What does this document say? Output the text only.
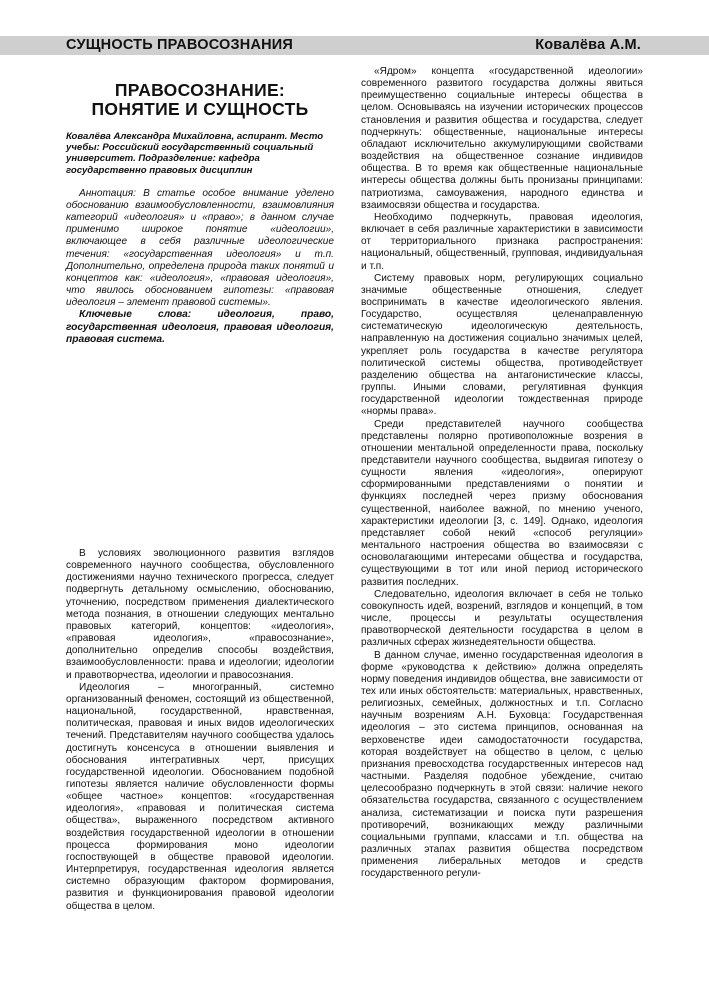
СУЩНОСТЬ ПРАВОСОЗНАНИЯ	Ковалёва А.М.
ПРАВОСОЗНАНИЕ:
ПОНЯТИЕ И СУЩНОСТЬ
Ковалёва Александра Михайловна, аспирант. Место учебы: Российский государственный социальный университет. Подразделение: кафедра государственно правовых дисциплин

Аннотация: В статье особое внимание уделено обоснованию взаимообусловленности, взаимовлияния категорий «идеология» и «право»; в данном случае применимо широкое понятие «идеологии», включающее в себя различные идеологические течения: «государственная идеология» и т.п. Дополнительно, определена природа таких понятий и концептов как: «идеология», «правовая идеология», что явилось обоснованием гипотезы: «правовая идеология – элемент правовой системы».

Ключевые слова: идеология, право, государственная идеология, правовая идеология, правовая система.

В условиях эволюционного развития взглядов современного научного сообщества, обусловленного достижениями научно технического прогресса, следует подвергнуть детальному осмыслению, обоснованию, уточнению, посредством применения диалектического метода познания, в отношении следующих ментально правовых категорий, концептов: «идеология», «правовая идеология», «правосознание», дополнительно определив способы воздействия, взаимообусловленности: права и идеологии; идеологии и правотворчества, идеологии и правосознания.

Идеология – многогранный, системно организованный феномен, состоящий из общественной, национальной, государственной, нравственная, политическая, правовая и иных видов идеологических течений. Представителям научного сообщества удалось достигнуть консенсуса в отношении выявления и обоснования интегративных черт, присущих государственной идеологии. Обоснованием подобной гипотезы является наличие обусловленности формы «общее частное» концептов: «государственная идеология», «правовая и политическая система общества», выраженного посредством активного воздействия государственной идеологии в отношении процесса формирования моно идеологии госпоствующей в обществе правовой идеологии. Интерпретируя, государственная идеология является системно образующим фактором формирования, развития и функционирования правовой идеологии общества в целом.

«Ядром» концепта «государственной идеологии» современного развитого государства должны явиться преимущественно социальные интересы общества в целом. Основываясь на изучении исторических процессов становления и развития общества и государства, следует подчеркнуть: общественные, национальные интересы обладают исключительно аккумулирующими свойствами воздействия на общественное сознание индивидов общества. В то время как общественные национальные интересы общества должны быть пронизаны принципами: патриотизма, самоуважения, народного единства и взаимосвязи общества и государства.

Необходимо подчеркнуть, правовая идеология, включает в себя различные характеристики в зависимости от территориального признака распространения: национальный, общественный, групповая, индивидуальная и т.п.

Систему правовых норм, регулирующих социально значимые общественные отношения, следует воспринимать в качестве идеологического явления. Государство, осуществляя целенаправленную систематическую идеологическую деятельность, направленную на достижения социально значимых целей, укрепляет роль государства в качестве регулятора политической системы общества, противодействует разделению общества на антагонистические классы, группы. Иными словами, регулятивная функция государственной идеологии тождественная природе «нормы права».

Среди представителей научного сообщества представлены полярно противоположные возрения в отношении ментальной определенности права, поскольку представители научного сообщества, выдвигая гипотезу о сущности явления «идеология», оперируют сформированными представлениями о понятии и функциях последней через призму обоснования существенной, наиболее важной, по мнению ученого, характеристики идеологии [3, с. 149]. Однако, идеология представляет собой некий «способ регуляции» ментального настроения общества во взаимосвязи с основолагающими интересами общества и государства, существующими в тот или иной период исторического развития последних.

Следовательно, идеология включает в себя не только совокупность идей, возрений, взглядов и концепций, в том числе, процессы и результаты осуществления правотворческой деятельности государства в целом в различных сферах жизнедеятельности общества.

В данном случае, именно государственная идеология в форме «руководства к действию» должна определять норму поведения индивидов общества, вне зависимости от тех или иных обстоятельств: материальных, нравственных, религиозных, семейных, должностных и т.п. Согласно научным возрениям А.Н. Буховца: Государственная идеология – это система принципов, основанная на верховенстве идеи самодостаточности государства, которая воздействует на общество в целом, с целью признания превосходства государственных интересов над частными. Разделяя подобное убеждение, считаю целесообразно подчеркнуть в этой связи: наличие некого обязательства государства, связанного с осуществлением анализа, систематизации и поиска пути разрешения противоречий, возникающих между различными социальными группами, классами и т.п. общества на различных этапах развития общества посредством применения либеральных методов и средств государственного регули-
